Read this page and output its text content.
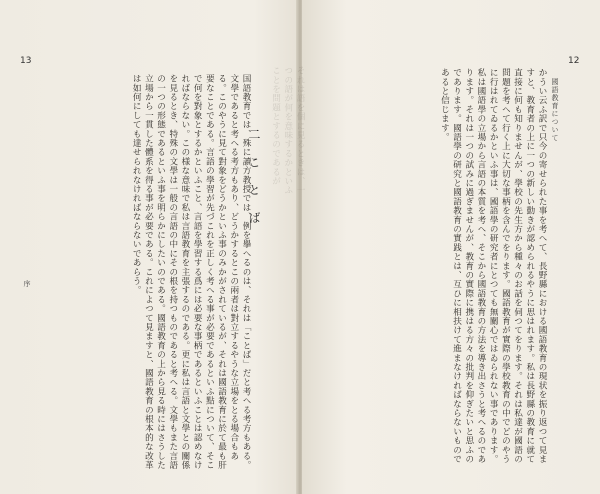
13
序
二 こ と ば
国語教育では、殊に讀方教授では、例を擧へるのは、それは「ことば」だと考へる考方もある。文學であると考へる考方もあり、どうかするとこの兩者は對立するやうな立場をとる場合もある。このやうに見て對象をどうかといふ事のみかがされているが、それは國語教育に於て最も肝要なことである。言語の學習が先づこれを正しく考へる事が必要であるといふ點について、そこで何を對象とするかといふこと、言語を學習する爲には必要な事柄であるといふことは認めなければならない。この様な意味で私は言語教育を主張するのである。更に私は言語と文學との關係を見るとき、特殊の文學は一般の言語の中にその根を持つものであると考へる。文學もまた言語の一つの形態であるといふ事を明らかにしたいのである。國語教育の上から見る時にはさうした立場から一貫した體系を得る事が必要である。これによつて見ますと、國語教育の根本的な改革は如何にしても達せられなければならないであらう。
12
國語教育について
かうい云ふ訳で只今の寄せられた事を考へて、長野縣における國語教育の現状を振り返つて見ますと、教育者の上に一つの新しい動きが認められるやうに思はれます。私は長野縣の教育に就て直接に何も知りませんが、學校の先生方から種々のお話を伺つてをります。それは私達が國語の問題を考へて行く上に大切な事柄を含んでをります。國語教育が實際の學校教育の中でどのやうに行はれてゐるかといふ事は、國語學の研究者にとつても無關心ではゐられない事であります。私は國語學の立場から言語の本質を考へ、そこから國語教育の方法を導き出さうと考へるのであります。それは一つの試みに過ぎませんが、教育の實際に携はる方々の批判を仰ぎたいと思ふのであります。國語學の研究と國語教育の實践とは、互ひに相扶けて進まなければならないものであると信じます。
それは語を個に見るときは、一つの語が何を意味するかといふことを問題とするのであるが
